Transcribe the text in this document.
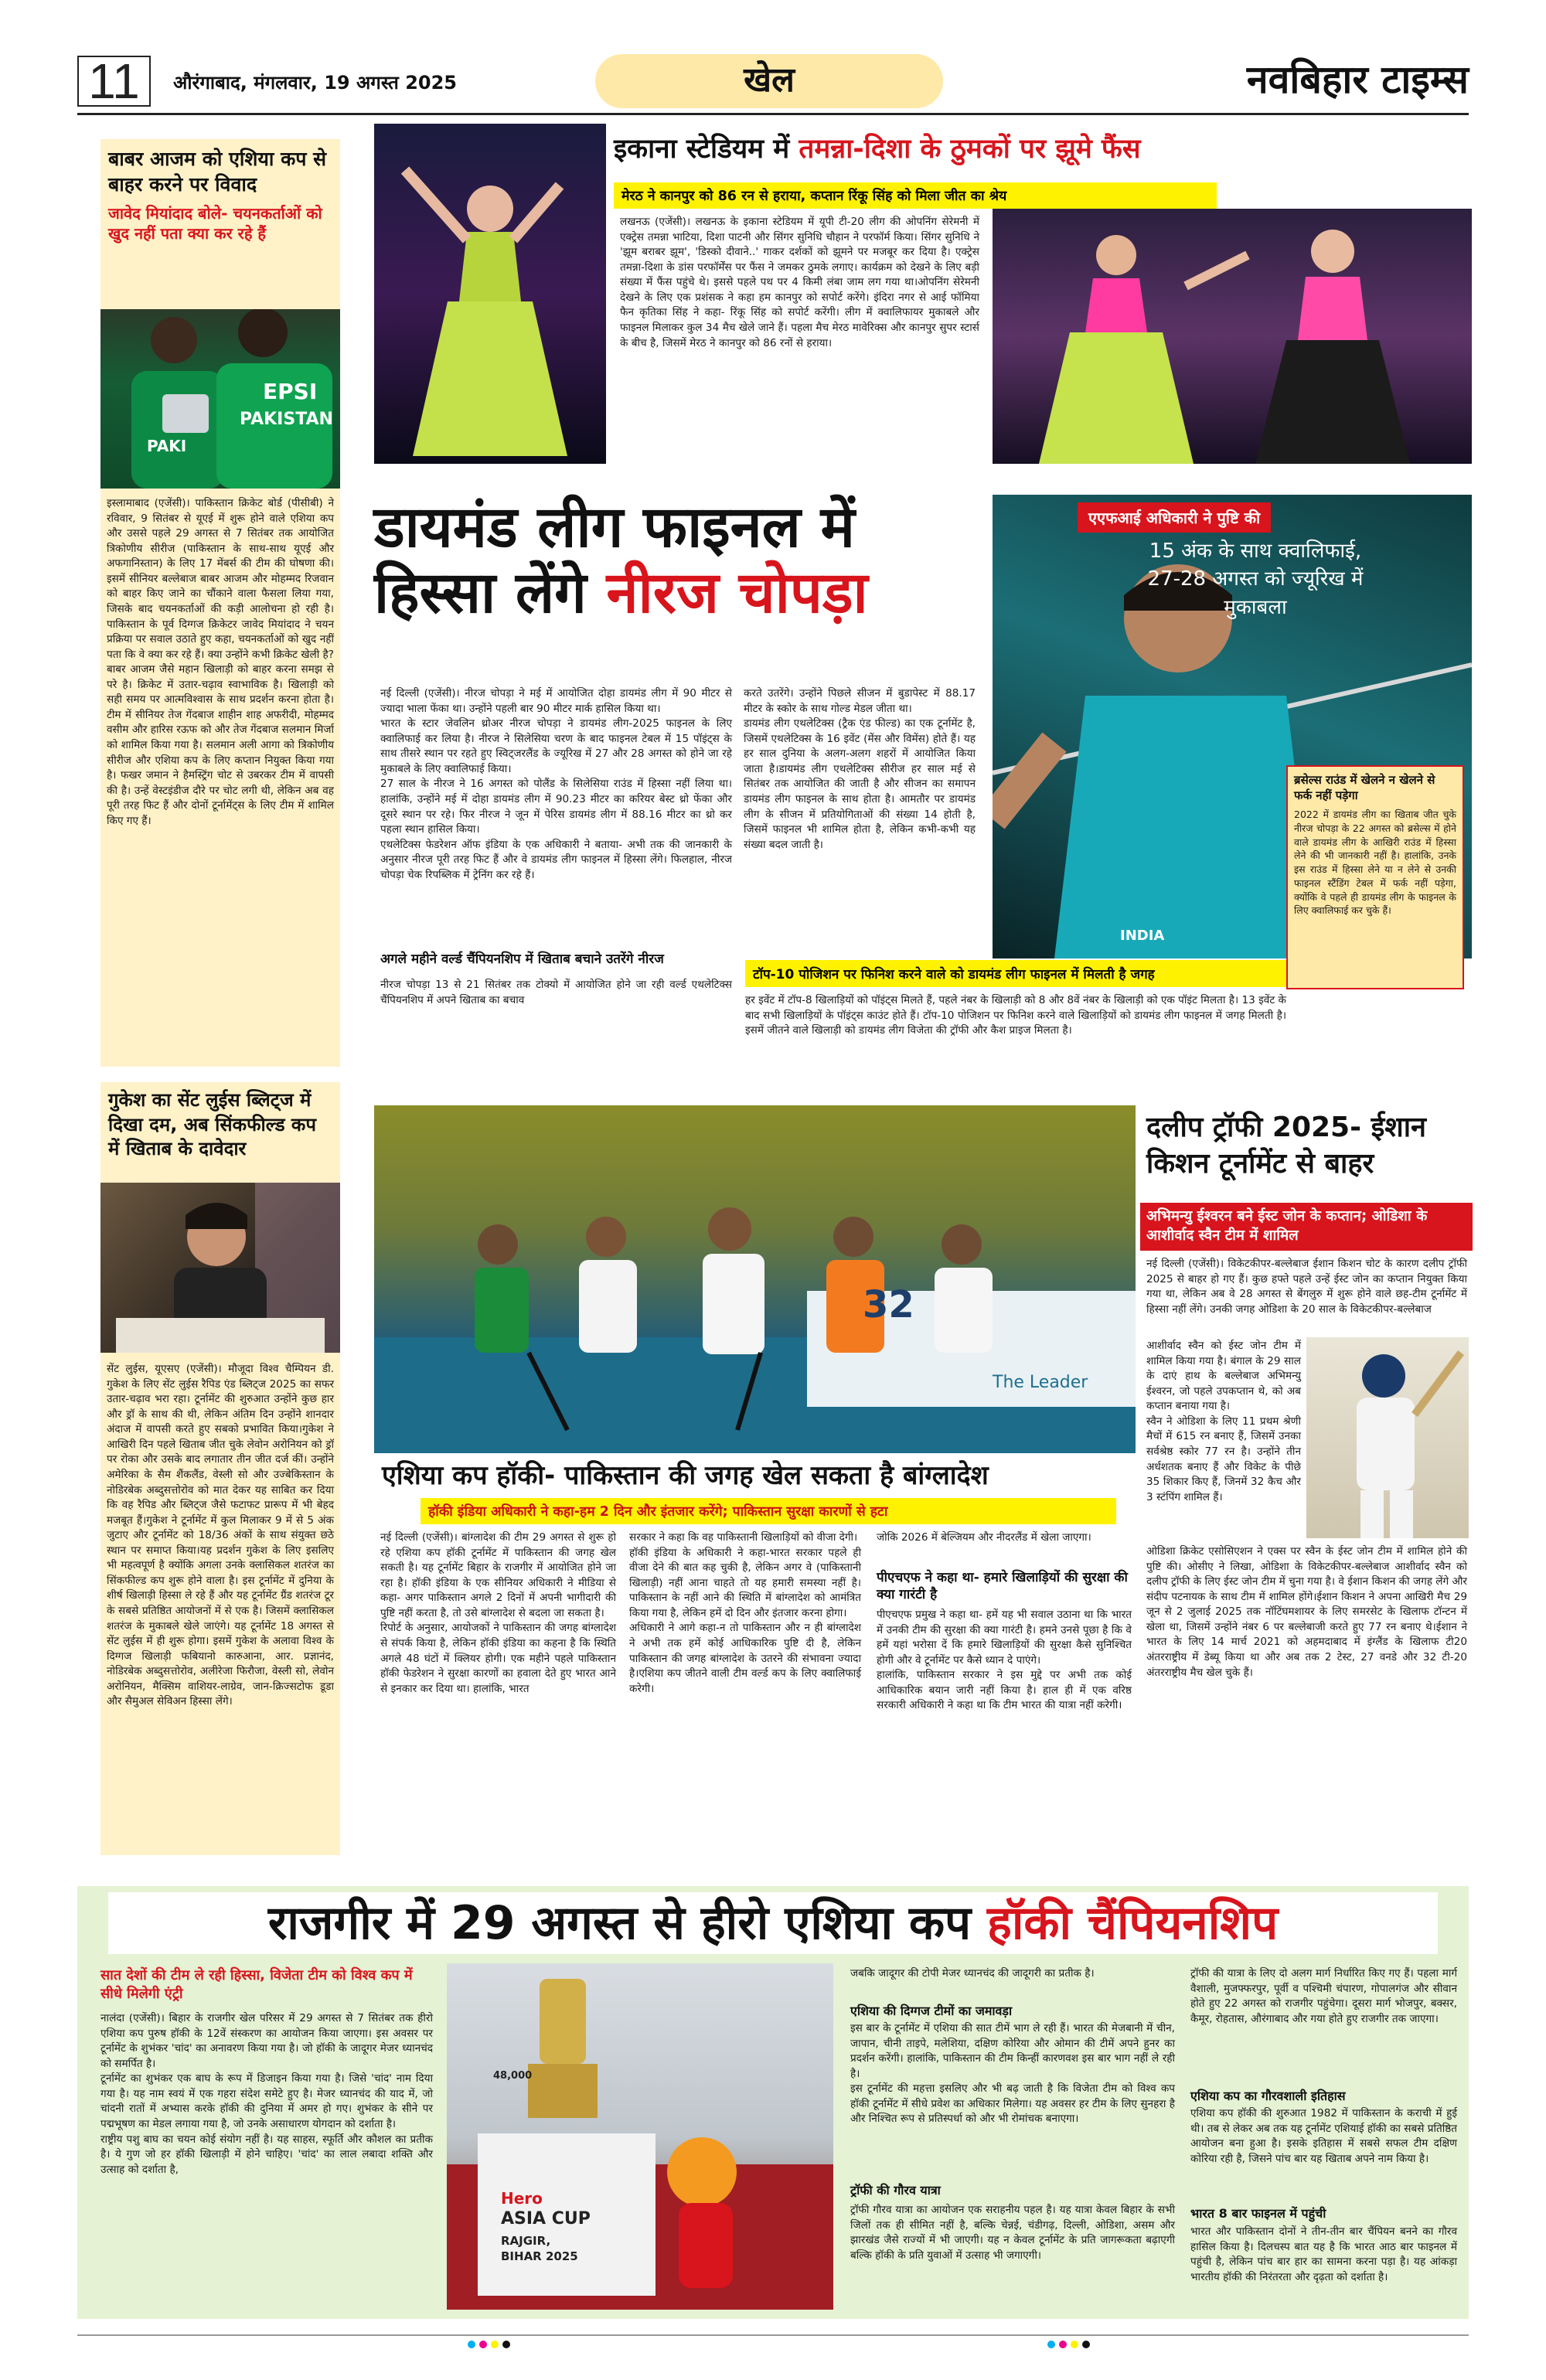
11	औरंगाबाद, मंगलवार, 19 अगस्त 2025	खेल	नवबिहार टाइम्स
बाबर आजम को एशिया कप से बाहर करने पर विवाद
जावेद मियांदाद बोले- चयनकर्ताओं को खुद नहीं पता क्या कर रहे हैं
EPSI
PAKISTAN
PAKI
इस्लामाबाद (एजेंसी)। पाकिस्तान क्रिकेट बोर्ड (पीसीबी) ने रविवार, 9 सितंबर से यूएई में शुरू होने वाले एशिया कप और उससे पहले 29 अगस्त से 7 सितंबर तक आयोजित त्रिकोणीय सीरीज (पाकिस्तान के साथ-साथ यूएई और अफगानिस्तान) के लिए 17 मेंबर्स की टीम की घोषणा की। इसमें सीनियर बल्लेबाज बाबर आजम और मोहम्मद रिजवान को बाहर किए जाने का चौंकाने वाला फैसला लिया गया, जिसके बाद चयनकर्ताओं की कड़ी आलोचना हो रही है।पाकिस्तान के पूर्व दिग्गज क्रिकेटर जावेद मियांदाद ने चयन प्रक्रिया पर सवाल उठाते हुए कहा, चयनकर्ताओं को खुद नहीं पता कि वे क्या कर रहे हैं। क्या उन्होंने कभी क्रिकेट खेली है? बाबर आजम जैसे महान खिलाड़ी को बाहर करना समझ से परे है। क्रिकेट में उतार-चढ़ाव स्वाभाविक है। खिलाड़ी को सही समय पर आत्मविश्वास के साथ प्रदर्शन करना होता है।टीम में सीनियर तेज गेंदबाज शाहीन शाह अफरीदी, मोहम्मद वसीम और हारिस रऊफ को और तेज गेंदबाज सलमान मिर्जा को शामिल किया गया है। सलमान अली आगा को त्रिकोणीय सीरीज और एशिया कप के लिए कप्तान नियुक्त किया गया है। फखर जमान ने हैमस्ट्रिंग चोट से उबरकर टीम में वापसी की है। उन्हें वेस्टइंडीज दौरे पर चोट लगी थी, लेकिन अब वह पूरी तरह फिट हैं और दोनों टूर्नामेंट्स के लिए टीम में शामिल किए गए हैं।
गुकेश का सेंट लुईस ब्लिट्ज में दिखा दम, अब सिंकफील्ड कप में खिताब के दावेदार
सेंट लुईस, यूएसए (एजेंसी)। मौजूदा विश्व चैम्पियन डी. गुकेश के लिए सेंट लुईस रैपिड एंड ब्लिट्ज 2025 का सफर उतार-चढ़ाव भरा रहा। टूर्नामेंट की शुरुआत उन्होंने कुछ हार और ड्रॉ के साथ की थी, लेकिन अंतिम दिन उन्होंने शानदार अंदाज में वापसी करते हुए सबको प्रभावित किया।गुकेश ने आखिरी दिन पहले खिताब जीत चुके लेवोन अरोनियन को ड्रॉ पर रोका और उसके बाद लगातार तीन जीत दर्ज कीं। उन्होंने अमेरिका के सैम शैंकलैंड, वेस्ली सो और उज्बेकिस्तान के नोडिरबेक अब्दुसत्तोरोव को मात देकर यह साबित कर दिया कि वह रैपिड और ब्लिट्ज जैसे फटाफट प्रारूप में भी बेहद मजबूत हैं।गुकेश ने टूर्नामेंट में कुल मिलाकर 9 में से 5 अंक जुटाए और टूर्नामेंट को 18/36 अंकों के साथ संयुक्त छठे स्थान पर समाप्त किया।यह प्रदर्शन गुकेश के लिए इसलिए भी महत्वपूर्ण है क्योंकि अगला उनके क्लासिकल शतरंज का सिंकफील्ड कप शुरू होने वाला है। इस टूर्नामेंट में दुनिया के शीर्ष खिलाड़ी हिस्सा ले रहे हैं और यह टूर्नामेंट ग्रैंड शतरंज टूर के सबसे प्रतिष्ठित आयोजनों में से एक है। जिसमें क्लासिकल शतरंज के मुकाबले खेले जाएंगे। यह टूर्नामेंट 18 अगस्त से सेंट लुईस में ही शुरू होगा। इसमें गुकेश के अलावा विश्व के दिग्गज खिलाड़ी फबियानो कारुआना, आर. प्रज्ञानंद, नोडिरबेक अब्दुसत्तोरोव, अलीरेजा फिरौजा, वेस्ली सो, लेवोन अरोनियन, मैक्सिम वाशियर-लाग्रेव, जान-क्रिज्सटोफ डूडा और सैमुअल सेविअन हिस्सा लेंगे।
इकाना स्टेडियम में तमन्ना-दिशा के ठुमकों पर झूमे फैंस
मेरठ ने कानपुर को 86 रन से हराया, कप्तान रिंकू सिंह को मिला जीत का श्रेय
लखनऊ (एजेंसी)। लखनऊ के इकाना स्टेडियम में यूपी टी-20 लीग की ओपनिंग सेरेमनी में एक्ट्रेस तमन्ना भाटिया, दिशा पाटनी और सिंगर सुनिधि चौहान ने परफॉर्म किया। सिंगर सुनिधि ने 'झूम बराबर झूम', 'डिस्को दीवाने..' गाकर दर्शकों को झूमने पर मजबूर कर दिया है। एक्ट्रेस तमन्ना-दिशा के डांस परफॉर्मेंस पर फैंस ने जमकर ठुमके लगाए। कार्यक्रम को देखने के लिए बड़ी संख्या में फैंस पहुंचे थे। इससे पहले पथ पर 4 किमी लंबा जाम लग गया था।ओपनिंग सेरेमनी देखने के लिए एक प्रशंसक ने कहा हम कानपुर को सपोर्ट करेंगे। इंदिरा नगर से आई फॉमिया फैन कृतिका सिंह ने कहा- रिंकू सिंह को सपोर्ट करेंगी। लीग में क्वालिफायर मुकाबले और फाइनल मिलाकर कुल 34 मैच खेले जाने हैं। पहला मैच मेरठ मावेरिक्स और कानपुर सुपर स्टार्स के बीच है, जिसमें मेरठ ने कानपुर को 86 रनों से हराया।
डायमंड लीग फाइनल में
हिस्सा लेंगे नीरज चोपड़ा
एएफआई अधिकारी ने पुष्टि की
15 अंक के साथ क्वालिफाई, 27-28 अगस्त को ज्यूरिख में मुकाबला
INDIA
नई दिल्ली (एजेंसी)। नीरज चोपड़ा ने मई में आयोजित दोहा डायमंड लीग में 90 मीटर से ज्यादा भाला फेंका था। उन्होंने पहली बार 90 मीटर मार्क हासिल किया था।
भारत के स्टार जेवलिन थ्रोअर नीरज चोपड़ा ने डायमंड लीग-2025 फाइनल के लिए क्वालिफाई कर लिया है। नीरज ने सिलेसिया चरण के बाद फाइनल टेबल में 15 पॉइंट्स के साथ तीसरे स्थान पर रहते हुए स्विट्जरलैंड के ज्यूरिख में 27 और 28 अगस्त को होने जा रहे मुकाबले के लिए क्वालिफाई किया।
27 साल के नीरज ने 16 अगस्त को पोलैंड के सिलेसिया राउंड में हिस्सा नहीं लिया था। हालांकि, उन्होंने मई में दोहा डायमंड लीग में 90.23 मीटर का करियर बेस्ट थ्रो फेंका और दूसरे स्थान पर रहे। फिर नीरज ने जून में पेरिस डायमंड लीग में 88.16 मीटर का थ्रो कर पहला स्थान हासिल किया।
एथलेटिक्स फेडरेशन ऑफ इंडिया के एक अधिकारी ने बताया- अभी तक की जानकारी के अनुसार नीरज पूरी तरह फिट हैं और वे डायमंड लीग फाइनल में हिस्सा लेंगे। फिलहाल, नीरज चोपड़ा चेक रिपब्लिक में ट्रेनिंग कर रहे हैं।
अगले महीने वर्ल्ड चैंपियनशिप में खिताब बचाने उतरेंगे नीरज
नीरज चोपड़ा 13 से 21 सितंबर तक टोक्यो में आयोजित होने जा रही वर्ल्ड एथलेटिक्स चैंपियनशिप में अपने खिताब का बचाव
करते उतरेंगे। उन्होंने पिछले सीजन में बुडापेस्ट में 88.17 मीटर के स्कोर के साथ गोल्ड मेडल जीता था।
डायमंड लीग एथलेटिक्स (ट्रैक एंड फील्ड) का एक टूर्नामेंट है, जिसमें एथलेटिक्स के 16 इवेंट (मेंस और विमेंस) होते हैं। यह हर साल दुनिया के अलग-अलग शहरों में आयोजित किया जाता है।डायमंड लीग एथलेटिक्स सीरीज हर साल मई से सितंबर तक आयोजित की जाती है और सीजन का समापन डायमंड लीग फाइनल के साथ होता है। आमतौर पर डायमंड लीग के सीजन में प्रतियोगिताओं की संख्या 14 होती है, जिसमें फाइनल भी शामिल होता है, लेकिन कभी-कभी यह संख्या बदल जाती है।
ब्रसेल्स राउंड में खेलने न खेलने से फर्क नहीं पड़ेगा
2022 में डायमंड लीग का खिताब जीत चुके नीरज चोपड़ा के 22 अगस्त को ब्रसेल्स में होने वाले डायमंड लीग के आखिरी राउंड में हिस्सा लेने की भी जानकारी नहीं है। हालांकि, उनके इस राउंड में हिस्सा लेने या न लेने से उनकी फाइनल स्टैंडिंग टेबल में फर्क नहीं पड़ेगा, क्योंकि वे पहले ही डायमंड लीग के फाइनल के लिए क्वालिफाई कर चुके हैं।
टॉप-10 पोजिशन पर फिनिश करने वाले को डायमंड लीग फाइनल में मिलती है जगह
हर इवेंट में टॉप-8 खिलाड़ियों को पॉइंट्स मिलते हैं, पहले नंबर के खिलाड़ी को 8 और 8वें नंबर के खिलाड़ी को एक पॉइंट मिलता है। 13 इवेंट के बाद सभी खिलाड़ियों के पॉइंट्स काउंट होते हैं। टॉप-10 पोजिशन पर फिनिश करने वाले खिलाड़ियों को डायमंड लीग फाइनल में जगह मिलती है। इसमें जीतने वाले खिलाड़ी को डायमंड लीग विजेता की ट्रॉफी और कैश प्राइज मिलता है।
32
The Leader
एशिया कप हॉकी- पाकिस्तान की जगह खेल सकता है बांग्लादेश
हॉकी इंडिया अधिकारी ने कहा-हम 2 दिन और इंतजार करेंगे; पाकिस्तान सुरक्षा कारणों से हटा
नई दिल्ली (एजेंसी)। बांग्लादेश की टीम 29 अगस्त से शुरू हो रहे एशिया कप हॉकी टूर्नामेंट में पाकिस्तान की जगह खेल सकती है। यह टूर्नामेंट बिहार के राजगीर में आयोजित होने जा रहा है। हॉकी इंडिया के एक सीनियर अधिकारी ने मीडिया से कहा- अगर पाकिस्तान अगले 2 दिनों में अपनी भागीदारी की पुष्टि नहीं करता है, तो उसे बांग्लादेश से बदला जा सकता है।
रिपोर्ट के अनुसार, आयोजकों ने पाकिस्तान की जगह बांग्लादेश से संपर्क किया है, लेकिन हॉकी इंडिया का कहना है कि स्थिति अगले 48 घंटों में क्लियर होगी। एक महीने पहले पाकिस्तान हॉकी फेडरेशन ने सुरक्षा कारणों का हवाला देते हुए भारत आने से इनकार कर दिया था। हालांकि, भारत
सरकार ने कहा कि वह पाकिस्तानी खिलाड़ियों को वीजा देगी।
हॉकी इंडिया के अधिकारी ने कहा-भारत सरकार पहले ही वीजा देने की बात कह चुकी है, लेकिन अगर वे (पाकिस्तानी खिलाड़ी) नहीं आना चाहते तो यह हमारी समस्या नहीं है। पाकिस्तान के नहीं आने की स्थिति में बांग्लादेश को आमंत्रित किया गया है, लेकिन हमें दो दिन और इंतजार करना होगा।
अधिकारी ने आगे कहा-न तो पाकिस्तान और न ही बांग्लादेश ने अभी तक हमें कोई आधिकारिक पुष्टि दी है, लेकिन पाकिस्तान की जगह बांग्लादेश के उतरने की संभावना ज्यादा है।एशिया कप जीतने वाली टीम वर्ल्ड कप के लिए क्वालिफाई करेगी।
जोकि 2026 में बेल्जियम और नीदरलैंड में खेला जाएगा।
पीएचएफ ने कहा था- हमारे खिलाड़ियों की सुरक्षा की क्या गारंटी है
पीएचएफ प्रमुख ने कहा था- हमें यह भी सवाल उठाना था कि भारत में उनकी टीम की सुरक्षा की क्या गारंटी है। हमने उनसे पूछा है कि वे हमें यहां भरोसा दें कि हमारे खिलाड़ियों की सुरक्षा कैसे सुनिश्चित होगी और वे टूर्नामेंट पर कैसे ध्यान दे पाएंगे।
हालांकि, पाकिस्तान सरकार ने इस मुद्दे पर अभी तक कोई आधिकारिक बयान जारी नहीं किया है। हाल ही में एक वरिष्ठ सरकारी अधिकारी ने कहा था कि टीम भारत की यात्रा नहीं करेगी।
दलीप ट्रॉफी 2025- ईशान किशन टूर्नामेंट से बाहर
अभिमन्यु ईश्वरन बने ईस्ट जोन के कप्तान; ओडिशा के आशीर्वाद स्वैन टीम में शामिल
नई दिल्ली (एजेंसी)। विकेटकीपर-बल्लेबाज ईशान किशन चोट के कारण दलीप ट्रॉफी 2025 से बाहर हो गए हैं। कुछ हफ्ते पहले उन्हें ईस्ट जोन का कप्तान नियुक्त किया गया था, लेकिन अब वे 28 अगस्त से बेंगलुरु में शुरू होने वाले छह-टीम टूर्नामेंट में हिस्सा नहीं लेंगे। उनकी जगह ओडिशा के 20 साल के विकेटकीपर-बल्लेबाज
आशीर्वाद स्वैन को ईस्ट जोन टीम में शामिल किया गया है। बंगाल के 29 साल के दाएं हाथ के बल्लेबाज अभिमन्यु ईश्वरन, जो पहले उपकप्तान थे, को अब कप्तान बनाया गया है।
स्वैन ने ओडिशा के लिए 11 प्रथम श्रेणी मैचों में 615 रन बनाए हैं, जिसमें उनका सर्वश्रेष्ठ स्कोर 77 रन है। उन्होंने तीन अर्धशतक बनाए हैं और विकेट के पीछे 35 शिकार किए हैं, जिनमें 32 कैच और 3 स्टंपिंग शामिल हैं।
ओडिशा क्रिकेट एसोसिएशन ने एक्स पर स्वैन के ईस्ट जोन टीम में शामिल होने की पुष्टि की। ओसीए ने लिखा, ओडिशा के विकेटकीपर-बल्लेबाज आशीर्वाद स्वैन को दलीप ट्रॉफी के लिए ईस्ट जोन टीम में चुना गया है। वे ईशान किशन की जगह लेंगे और संदीप पटनायक के साथ टीम में शामिल होंगे।ईशान किशन ने अपना आखिरी मैच 29 जून से 2 जुलाई 2025 तक नॉटिंघमशायर के लिए समरसेट के खिलाफ टॉन्टन में खेला था, जिसमें उन्होंने नंबर 6 पर बल्लेबाजी करते हुए 77 रन बनाए थे।ईशान ने भारत के लिए 14 मार्च 2021 को अहमदाबाद में इंग्लैंड के खिलाफ टी20 अंतरराष्ट्रीय में डेब्यू किया था और अब तक 2 टेस्ट, 27 वनडे और 32 टी-20 अंतरराष्ट्रीय मैच खेल चुके हैं।
राजगीर में 29 अगस्त से हीरो एशिया कप हॉकी चैंपियनशिप
सात देशों की टीम ले रही हिस्सा, विजेता टीम को विश्व कप में सीधे मिलेगी एंट्री
नालंदा (एजेंसी)। बिहार के राजगीर खेल परिसर में 29 अगस्त से 7 सितंबर तक हीरो एशिया कप पुरुष हॉकी के 12वें संस्करण का आयोजन किया जाएगा। इस अवसर पर टूर्नामेंट के शुभंकर 'चांद' का अनावरण किया गया है। जो हॉकी के जादूगर मेजर ध्यानचंद को समर्पित है।
टूर्नामेंट का शुभंकर एक बाघ के रूप में डिजाइन किया गया है। जिसे 'चांद' नाम दिया गया है। यह नाम स्वयं में एक गहरा संदेश समेटे हुए है। मेजर ध्यानचंद की याद में, जो चांदनी रातों में अभ्यास करके हॉकी की दुनिया में अमर हो गए। शुभंकर के सीने पर पद्मभूषण का मेडल लगाया गया है, जो उनके असाधारण योगदान को दर्शाता है।
राष्ट्रीय पशु बाघ का चयन कोई संयोग नहीं है। यह साहस, स्फूर्ति और कौशल का प्रतीक है। ये गुण जो हर हॉकी खिलाड़ी में होने चाहिए। 'चांद' का लाल लबादा शक्ति और उत्साह को दर्शाता है,
48,000
Hero
ASIA CUP
RAJGIR, BIHAR 2025
जबकि जादूगर की टोपी मेजर ध्यानचंद की जादूगरी का प्रतीक है।
एशिया की दिग्गज टीमों का जमावड़ा
इस बार के टूर्नामेंट में एशिया की सात टीमें भाग ले रही हैं। भारत की मेजबानी में चीन, जापान, चीनी ताइपे, मलेशिया, दक्षिण कोरिया और ओमान की टीमें अपने हुनर का प्रदर्शन करेंगी। हालांकि, पाकिस्तान की टीम किन्हीं कारणवश इस बार भाग नहीं ले रही है।
इस टूर्नामेंट की महत्ता इसलिए और भी बढ़ जाती है कि विजेता टीम को विश्व कप हॉकी टूर्नामेंट में सीधे प्रवेश का अधिकार मिलेगा। यह अवसर हर टीम के लिए सुनहरा है और निश्चित रूप से प्रतिस्पर्धा को और भी रोमांचक बनाएगा।
ट्रॉफी की गौरव यात्रा
ट्रॉफी गौरव यात्रा का आयोजन एक सराहनीय पहल है। यह यात्रा केवल बिहार के सभी जिलों तक ही सीमित नहीं है, बल्कि चेन्नई, चंडीगढ़, दिल्ली, ओडिशा, असम और झारखंड जैसे राज्यों में भी जाएगी। यह न केवल टूर्नामेंट के प्रति जागरूकता बढ़ाएगी बल्कि हॉकी के प्रति युवाओं में उत्साह भी जगाएगी।
ट्रॉफी की यात्रा के लिए दो अलग मार्ग निर्धारित किए गए हैं। पहला मार्ग वैशाली, मुजफ्फरपुर, पूर्वी व पश्चिमी चंपारण, गोपालगंज और सीवान होते हुए 22 अगस्त को राजगीर पहुंचेगा। दूसरा मार्ग भोजपुर, बक्सर, कैमूर, रोहतास, औरंगाबाद और गया होते हुए राजगीर तक जाएगा।
एशिया कप का गौरवशाली इतिहास
एशिया कप हॉकी की शुरुआत 1982 में पाकिस्तान के कराची में हुई थी। तब से लेकर अब तक यह टूर्नामेंट एशियाई हॉकी का सबसे प्रतिष्ठित आयोजन बना हुआ है। इसके इतिहास में सबसे सफल टीम दक्षिण कोरिया रही है, जिसने पांच बार यह खिताब अपने नाम किया है।
भारत 8 बार फाइनल में पहुंची
भारत और पाकिस्तान दोनों ने तीन-तीन बार चैंपियन बनने का गौरव हासिल किया है। दिलचस्प बात यह है कि भारत आठ बार फाइनल में पहुंची है, लेकिन पांच बार हार का सामना करना पड़ा है। यह आंकड़ा भारतीय हॉकी की निरंतरता और दृढ़ता को दर्शाता है।
